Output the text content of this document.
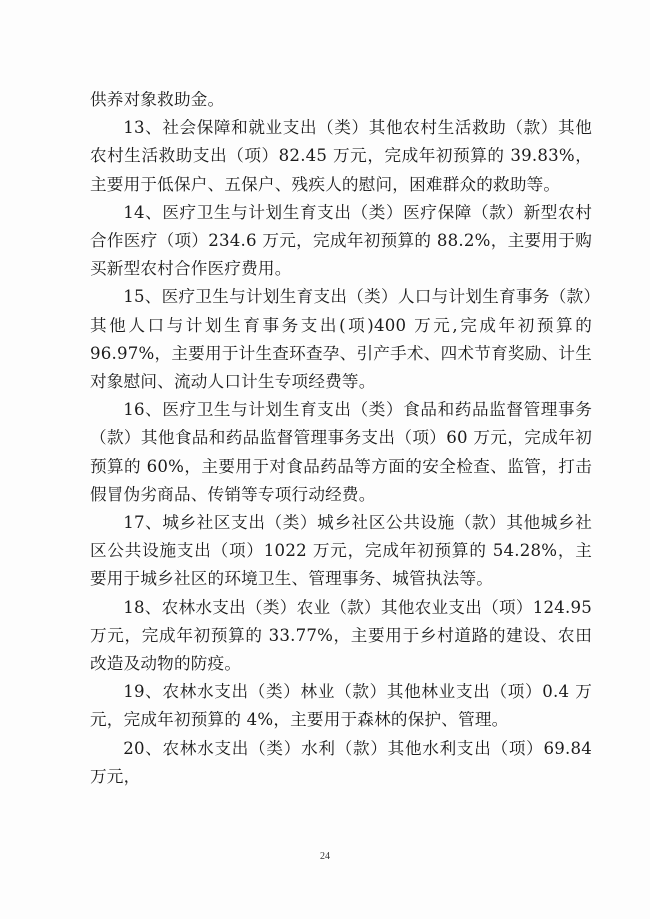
供养对象救助金。

13、社会保障和就业支出（类）其他农村生活救助（款）其他农村生活救助支出（项）82.45 万元，完成年初预算的 39.83%，主要用于低保户、五保户、残疾人的慰问，困难群众的救助等。

14、医疗卫生与计划生育支出（类）医疗保障（款）新型农村合作医疗（项）234.6 万元，完成年初预算的 88.2%，主要用于购买新型农村合作医疗费用。

15、医疗卫生与计划生育支出（类）人口与计划生育事务（款）其他人口与计划生育事务支出(项)400 万元,完成年初预算的 96.97%，主要用于计生查环查孕、引产手术、四术节育奖励、计生对象慰问、流动人口计生专项经费等。

16、医疗卫生与计划生育支出（类）食品和药品监督管理事务（款）其他食品和药品监督管理事务支出（项）60 万元，完成年初预算的 60%，主要用于对食品药品等方面的安全检查、监管，打击假冒伪劣商品、传销等专项行动经费。

17、城乡社区支出（类）城乡社区公共设施（款）其他城乡社区公共设施支出（项）1022 万元，完成年初预算的 54.28%，主要用于城乡社区的环境卫生、管理事务、城管执法等。

18、农林水支出（类）农业（款）其他农业支出（项）124.95 万元，完成年初预算的 33.77%，主要用于乡村道路的建设、农田改造及动物的防疫。

19、农林水支出（类）林业（款）其他林业支出（项）0.4 万元，完成年初预算的 4%，主要用于森林的保护、管理。

20、农林水支出（类）水利（款）其他水利支出（项）69.84 万元，

24
